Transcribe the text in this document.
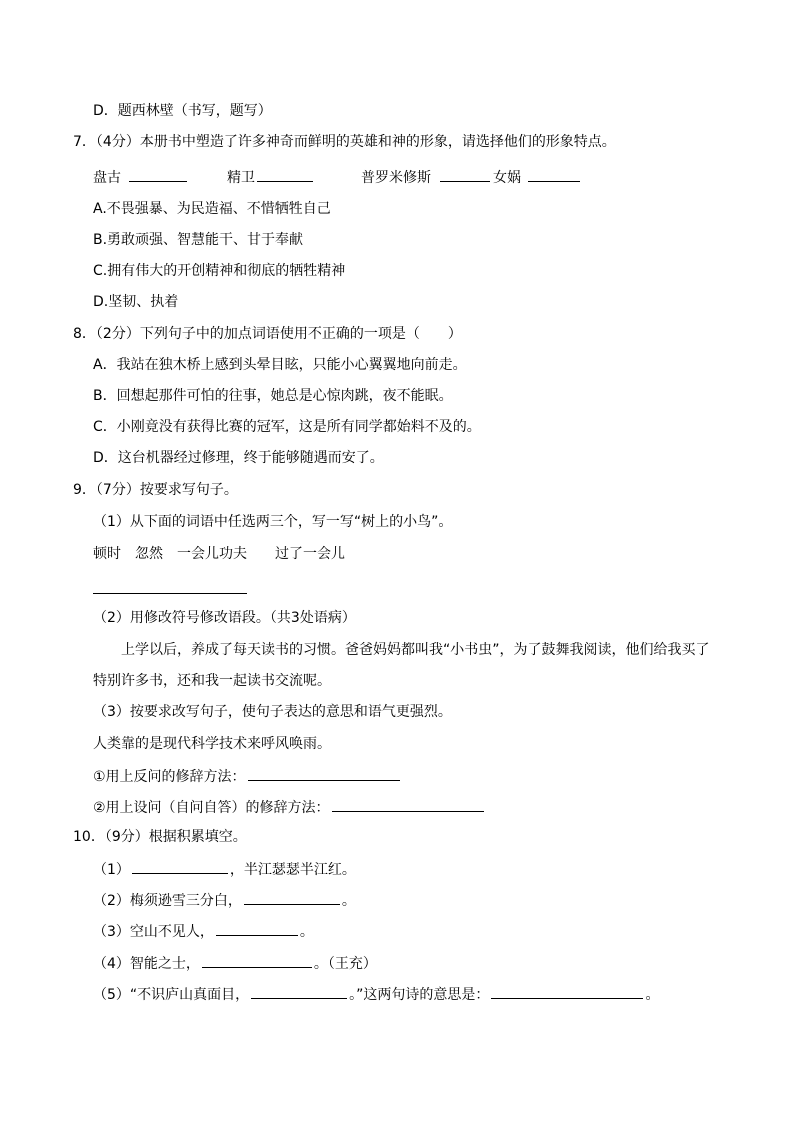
D．题西林壁（书写，题写）
7．（4分）本册书中塑造了许多神奇而鲜明的英雄和神的形象，请选择他们的形象特点。
盘古	精卫	普罗米修斯	女娲
A.不畏强暴、为民造福、不惜牺牲自己
B.勇敢顽强、智慧能干、甘于奉献
C.拥有伟大的开创精神和彻底的牺牲精神
D.坚韧、执着
8．（2分）下列句子中的加点词语使用不正确的一项是（　　）
A．我站在独木桥上感到头晕目眩，只能小心翼翼地向前走。
B．回想起那件可怕的往事，她总是心惊肉跳，夜不能眠。
C．小刚竟没有获得比赛的冠军，这是所有同学都始料不及的。
D．这台机器经过修理，终于能够随遇而安了。
9．（7分）按要求写句子。
（1）从下面的词语中任选两三个，写一写“树上的小鸟”。
顿时　忽然　一会儿功夫　　过了一会儿
（2）用修改符号修改语段。（共3处语病）
上学以后，养成了每天读书的习惯。爸爸妈妈都叫我“小书虫”，为了鼓舞我阅读，他们给我买了
特别许多书，还和我一起读书交流呢。
（3）按要求改写句子，使句子表达的意思和语气更强烈。
人类靠的是现代科学技术来呼风唤雨。
①用上反问的修辞方法：
②用上设问（自问自答）的修辞方法：
10．（9分）根据积累填空。
（1）	，半江瑟瑟半江红。
（2）梅须逊雪三分白，	。
（3）空山不见人，	。
（4）智能之士，	。（王充）
（5）“不识庐山真面目，	。”这两句诗的意思是：	。
